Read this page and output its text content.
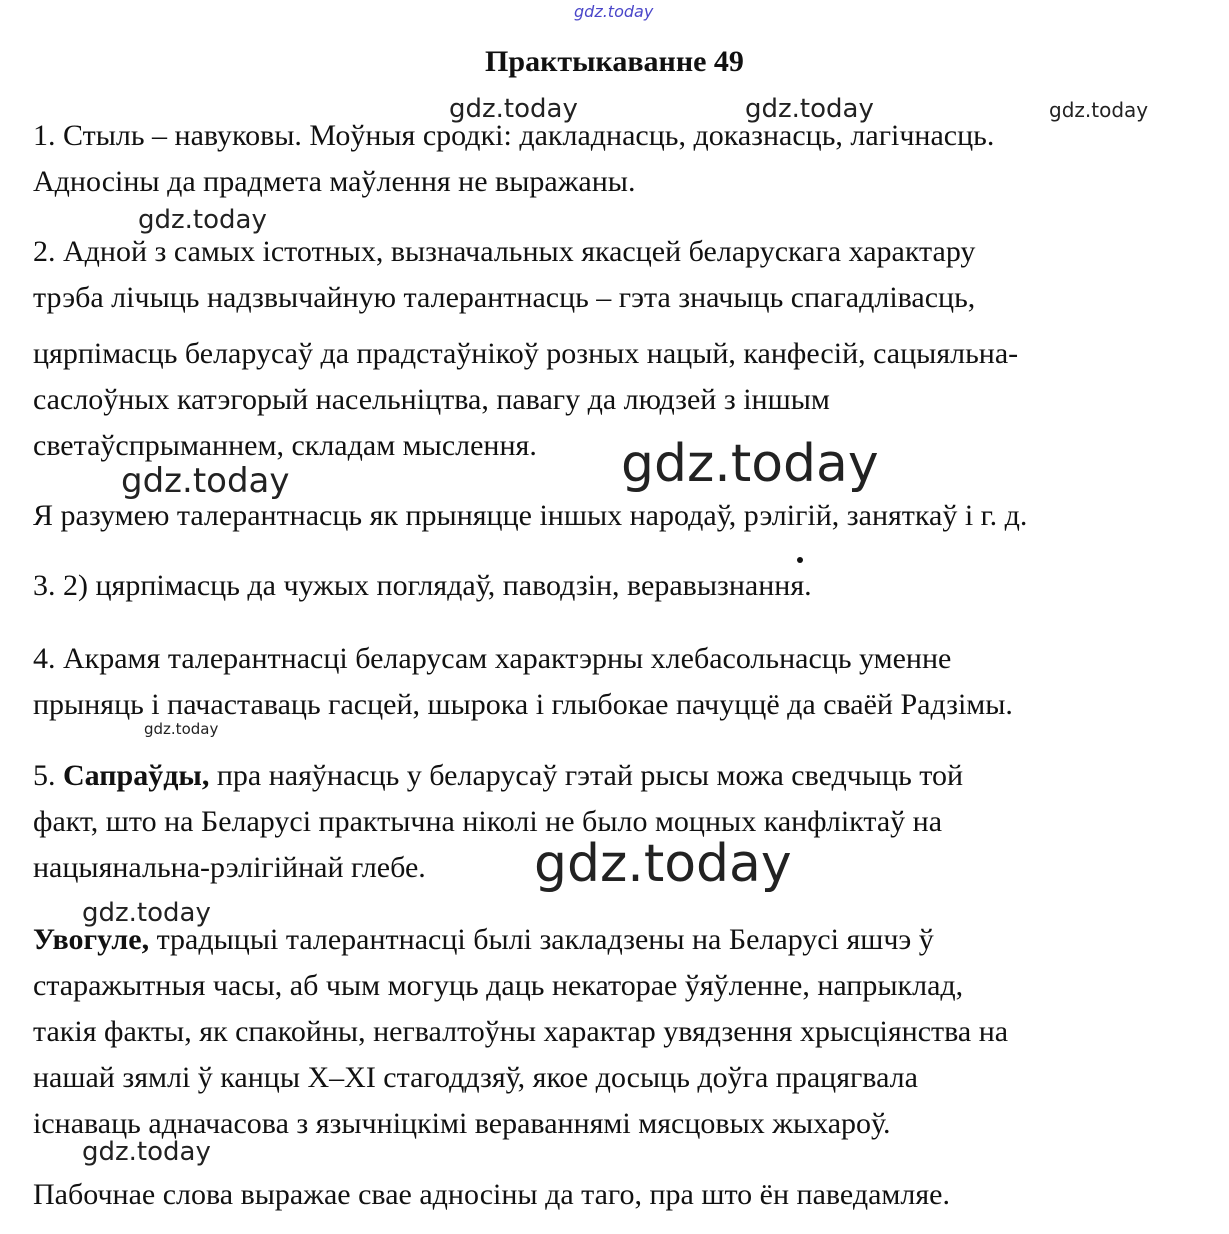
gdz.today
Практыкаванне 49
gdz.today	gdz.today	gdz.today
1. Стыль – навуковы. Моўныя сродкі: дакладнасць, доказнасць, лагічнасць.
Адносіны да прадмета маўлення не выражаны.
gdz.today
2. Адной з самых істотных, вызначальных якасцей беларускага характару
трэба лічыць надзвычайную талерантнасць – гэта значыць спагадлівасць,
цярпімасць беларусаў да прадстаўнікоў розных нацый, канфесій, сацыяльна-
саслоўных катэгорый насельніцтва, павагу да людзей з іншым
светаўспрыманнем, складам мыслення.	gdz.today
gdz.today
Я разумею талерантнасць як прыняцце іншых народаў, рэлігій, заняткаў і г. д.
3. 2) цярпімасць да чужых поглядаў, паводзін, веравызнання.
4. Акрамя талерантнасці беларусам характэрны хлебасольнасць уменне
прыняць і пачаставаць гасцей, шырока і глыбокае пачуццё да сваёй Радзімы.
gdz.today
5. Сапраўды, пра наяўнасць у беларусаў гэтай рысы можа сведчыць той
факт, што на Беларусі практычна ніколі не было моцных канфліктаў на
нацыянальна-рэлігійнай глебе.	gdz.today
gdz.today
Увогуле, традыцыі талерантнасці былі закладзены на Беларусі яшчэ ў
старажытныя часы, аб чым могуць даць некаторае ўяўленне, напрыклад,
такія факты, як спакойны, негвалтоўны характар увядзення хрысціянства на
нашай зямлі ў канцы X–XI стагоддзяў, якое досыць доўга працягвала
існаваць адначасова з язычніцкімі вераваннямі мясцовых жыхароў.
gdz.today
Пабочнае слова выражае свае адносіны да таго, пра што ён паведамляе.
